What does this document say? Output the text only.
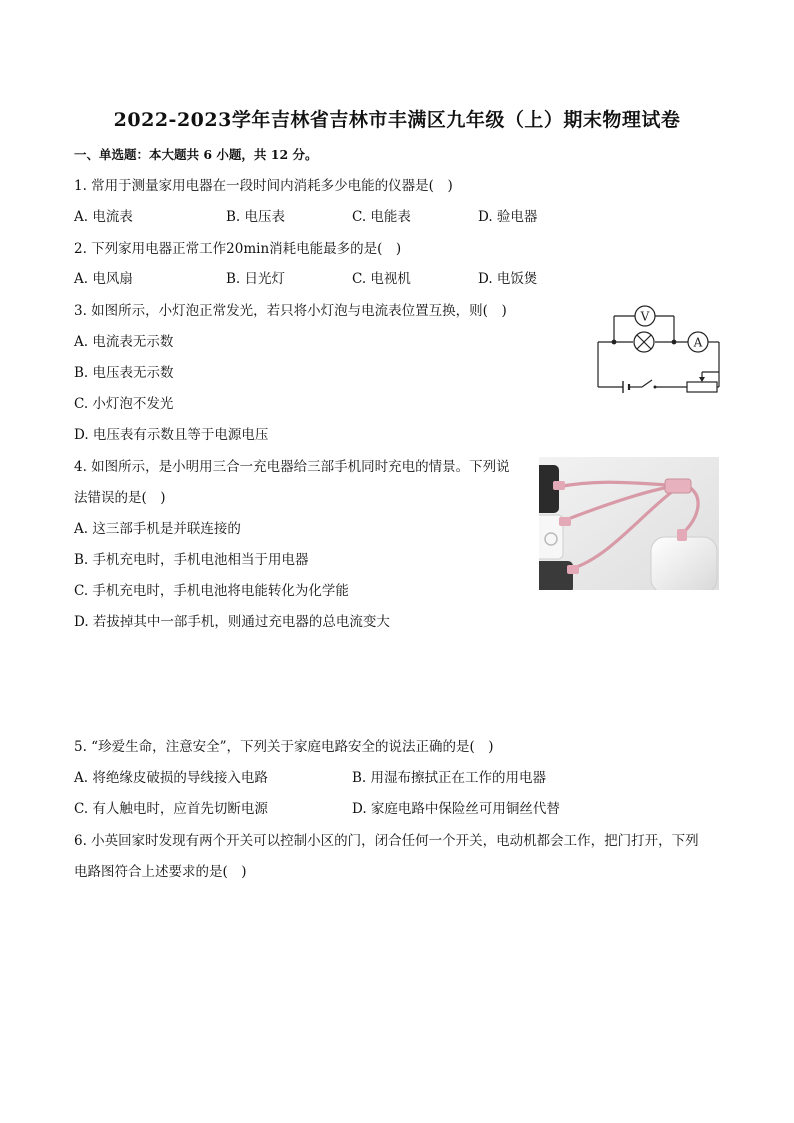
2022-2023学年吉林省吉林市丰满区九年级（上）期末物理试卷
一、单选题：本大题共 6 小题，共 12 分。
1. 常用于测量家用电器在一段时间内消耗多少电能的仪器是(　)
A. 电流表	B. 电压表	C. 电能表	D. 验电器
2. 下列家用电器正常工作20min消耗电能最多的是(　)
A. 电风扇	B. 日光灯	C. 电视机	D. 电饭煲
3. 如图所示，小灯泡正常发光，若只将小灯泡与电流表位置互换，则(　)
A. 电流表无示数
B. 电压表无示数
C. 小灯泡不发光
D. 电压表有示数且等于电源电压
V
A
4. 如图所示，是小明用三合一充电器给三部手机同时充电的情景。下列说
法错误的是(　)
A. 这三部手机是并联连接的
B. 手机充电时，手机电池相当于用电器
C. 手机充电时，手机电池将电能转化为化学能
D. 若拔掉其中一部手机，则通过充电器的总电流变大
5. “珍爱生命，注意安全”，下列关于家庭电路安全的说法正确的是(　)
A. 将绝缘皮破损的导线接入电路	B. 用湿布擦拭正在工作的用电器
C. 有人触电时，应首先切断电源	D. 家庭电路中保险丝可用铜丝代替
6. 小英回家时发现有两个开关可以控制小区的门，闭合任何一个开关，电动机都会工作，把门打开，下列
电路图符合上述要求的是(　)
